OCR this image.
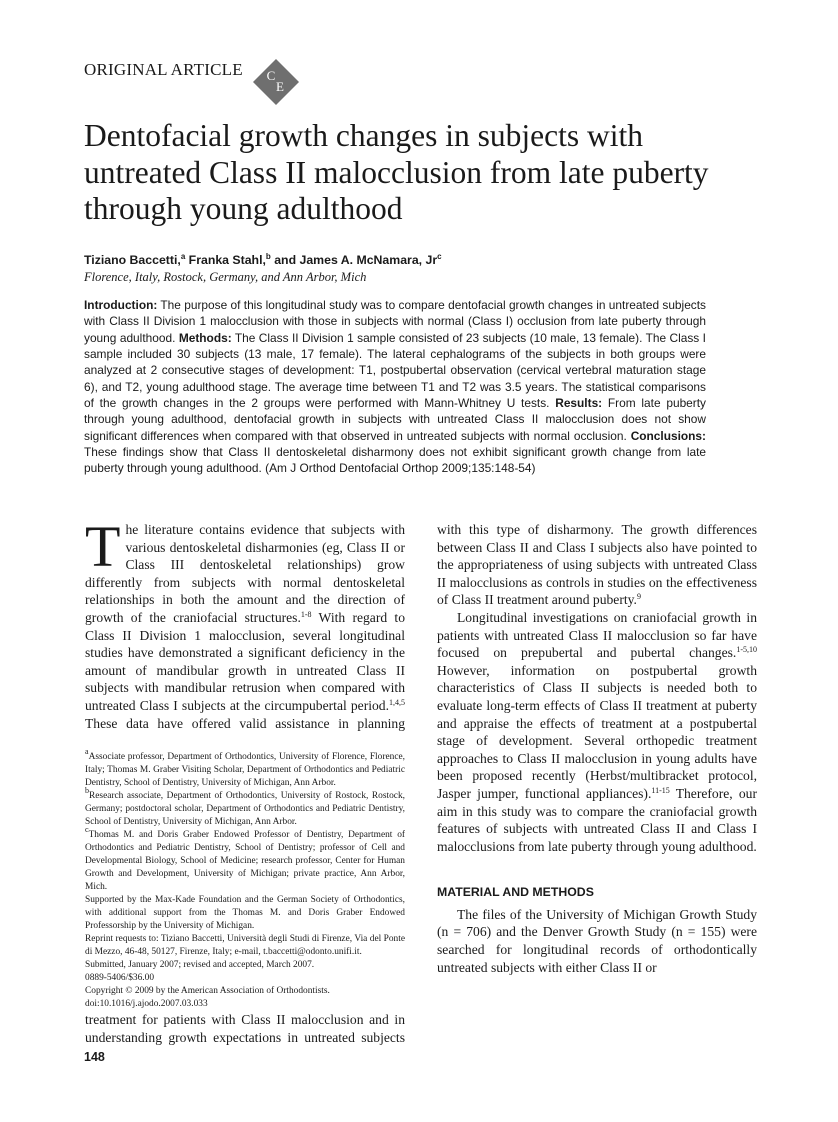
ORIGINAL ARTICLE C
E
Dentofacial growth changes in subjects with untreated Class II malocclusion from late puberty through young adulthood
Tiziano Baccetti,$^a$ Franka Stahl,$^b$ and James A. McNamara, Jr$^c$
Florence, Italy, Rostock, Germany, and Ann Arbor, Mich
Introduction: The purpose of this longitudinal study was to compare dentofacial growth changes in untreated subjects with Class II Division 1 malocclusion with those in subjects with normal (Class I) occlusion from late puberty through young adulthood. Methods: The Class II Division 1 sample consisted of 23 subjects (10 male, 13 female). The Class I sample included 30 subjects (13 male, 17 female). The lateral cephalograms of the subjects in both groups were analyzed at 2 consecutive stages of development: T1, postpubertal observation (cervical vertebral maturation stage 6), and T2, young adulthood stage. The average time between T1 and T2 was 3.5 years. The statistical comparisons of the growth changes in the 2 groups were performed with Mann-Whitney U tests. Results: From late puberty through young adulthood, dentofacial growth in subjects with untreated Class II malocclusion does not show significant differences when compared with that observed in untreated subjects with normal occlusion. Conclusions: These findings show that Class II dentoskeletal disharmony does not exhibit significant growth change from late puberty through young adulthood. (Am J Orthod Dentofacial Orthop 2009;135:148-54)

T
$^a$Associate professor, Department of Orthodontics, University of Florence, Florence, Italy; Thomas M. Graber Visiting Scholar, Department of Orthodontics and Pediatric Dentistry, School of Dentistry, University of Michigan, Ann Arbor.
$^b$Research associate, Department of Orthodontics, University of Rostock, Rostock, Germany; postdoctoral scholar, Department of Orthodontics and Pediatric Dentistry, School of Dentistry, University of Michigan, Ann Arbor.
$^c$Thomas M. and Doris Graber Endowed Professor of Dentistry, Department of Orthodontics and Pediatric Dentistry, School of Dentistry; professor of Cell and Developmental Biology, School of Medicine; research professor, Center for Human Growth and Development, University of Michigan; private practice, Ann Arbor, Mich.
Supported by the Max-Kade Foundation and the German Society of Orthodontics, with additional support from the Thomas M. and Doris Graber Endowed Professorship by the University of Michigan.
Reprint requests to: Tiziano Baccetti, Università degli Studi di Firenze, Via del Ponte di Mezzo, 46-48, 50127, Firenze, Italy; e-mail, t.baccetti@odonto.unifi.it.
Submitted, January 2007; revised and accepted, March 2007.
0889-5406/$36.00
Copyright © 2009 by the American Association of Orthodontists.
doi:10.1016/j.ajodo.2007.03.033
he literature contains evidence that subjects with various dentoskeletal disharmonies (eg, Class II or Class III dentoskeletal relationships) grow differently from subjects with normal dentoskeletal relationships in both the amount and the direction of growth of the craniofacial structures.$^{1-8}$ With regard to Class II Division 1 malocclusion, several longitudinal studies have demonstrated a significant deficiency in the amount of mandibular growth in untreated Class II subjects with mandibular retrusion when compared with untreated Class I subjects at the circumpubertal period.$^{1,4,5}$ These data have offered valid assistance in planning treatment for patients with Class II malocclusion and in understanding growth expectations in untreated subjects with this type of disharmony. The growth differences between Class II and Class I subjects also have pointed to the appropriateness of using subjects with untreated Class II malocclusions as controls in studies on the effectiveness of Class II treatment around puberty.$^9$

Longitudinal investigations on craniofacial growth in patients with untreated Class II malocclusion so far have focused on prepubertal and pubertal changes.$^{1-5,10}$ However, information on postpubertal growth characteristics of Class II subjects is needed both to evaluate long-term effects of Class II treatment at puberty and appraise the effects of treatment at a postpubertal stage of development. Several orthopedic treatment approaches to Class II malocclusion in young adults have been proposed recently (Herbst/multibracket protocol, Jasper jumper, functional appliances).$^{11-15}$ Therefore, our aim in this study was to compare the craniofacial growth features of subjects with untreated Class II and Class I malocclusions from late puberty through young adulthood.

MATERIAL AND METHODS

The files of the University of Michigan Growth Study (n = 706) and the Denver Growth Study (n = 155) were searched for longitudinal records of orthodontically untreated subjects with either Class II or

148
